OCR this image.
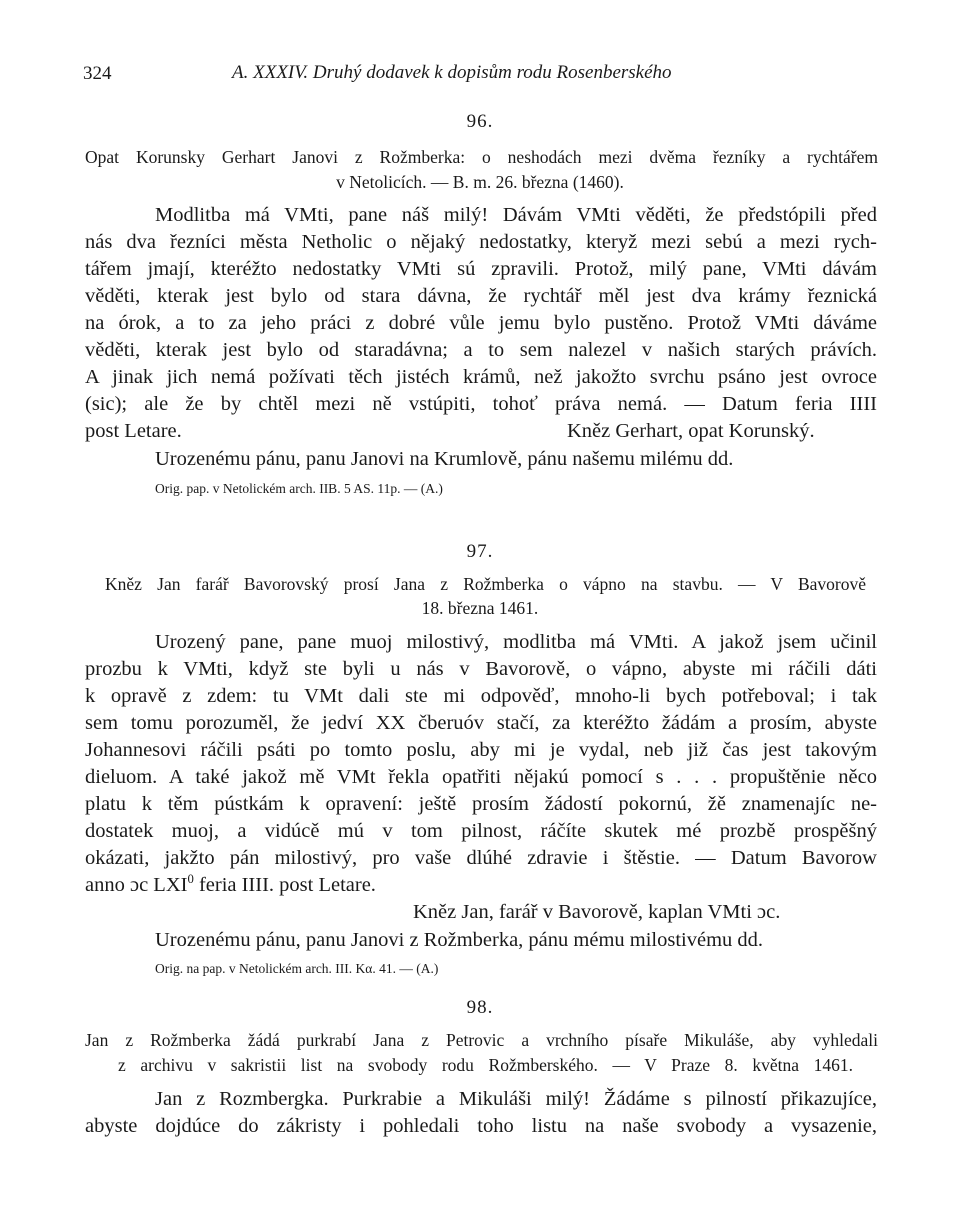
324	A. XXXIV. Druhý dodavek k dopisům rodu Rosenberského
96.
Opat Korunsky Gerhart Janovi z Rožmberka: o neshodách mezi dvěma řezníky a rychtářem
v Netolicích. — B. m. 26. března (1460).
Modlitba má VMti, pane náš milý! Dávám VMti věděti, že předstópili před
nás dva řezníci města Netholic o nějaký nedostatky, kteryž mezi sebú a mezi rych-
tářem jmají, kteréžto nedostatky VMti sú zpravili. Protož, milý pane, VMti dávám
věděti, kterak jest bylo od stara dávna, že rychtář měl jest dva krámy řeznická
na órok, a to za jeho práci z dobré vůle jemu bylo pustěno. Protož VMti dáváme
věděti, kterak jest bylo od staradávna; a to sem nalezel v našich starých právích.
A jinak jich nemá požívati těch jistéch krámů, než jakožto svrchu psáno jest ovroce
(sic); ale že by chtěl mezi ně vstúpiti, tohoť práva nemá. — Datum feria IIII
post Letare.	Kněz Gerhart, opat Korunský.
Urozenému pánu, panu Janovi na Krumlově, pánu našemu milému dd.
Orig. pap. v Netolickém arch. IIB. 5 AS. 11p. — (A.)
97.
Kněz Jan farář Bavorovský prosí Jana z Rožmberka o vápno na stavbu. — V Bavorově
18. března 1461.
Urozený pane, pane muoj milostivý, modlitba má VMti. A jakož jsem učinil
prozbu k VMti, když ste byli u nás v Bavorově, o vápno, abyste mi ráčili dáti
k opravě z zdem: tu VMt dali ste mi odpověď, mnoho-li bych potřeboval; i tak
sem tomu porozuměl, že jedví XX čberuóv stačí, za kteréžto žádám a prosím, abyste
Johannesovi ráčili psáti po tomto poslu, aby mi je vydal, neb již čas jest takovým
dieluom. A také jakož mě VMt řekla opatřiti nějakú pomocí s . . . propuštěnie něco
platu k těm pústkám k opravení: ještě prosím žádostí pokornú, žě znamenajíc ne-
dostatek muoj, a vidúcě mú v tom pilnost, ráčíte skutek mé prozbě prospěšný
okázati, jakžto pán milostivý, pro vaše dlúhé zdravie i štěstie. — Datum Bavorow
anno ɔc LXI$^0$ feria IIII. post Letare.
Kněz Jan, farář v Bavorově, kaplan VMti ɔc.
Urozenému pánu, panu Janovi z Rožmberka, pánu mému milostivému dd.
Orig. na pap. v Netolickém arch. III. Kα. 41. — (A.)
98.
Jan z Rožmberka žádá purkrabí Jana z Petrovic a vrchního písaře Mikuláše, aby vyhledali
z archivu v sakristii list na svobody rodu Rožmberského. — V Praze 8. května 1461.
Jan z Rozmbergka. Purkrabie a Mikuláši milý! Žádáme s pilností přikazujíce,
abyste dojdúce do zákristy i pohledali toho listu na naše svobody a vysazenie,
